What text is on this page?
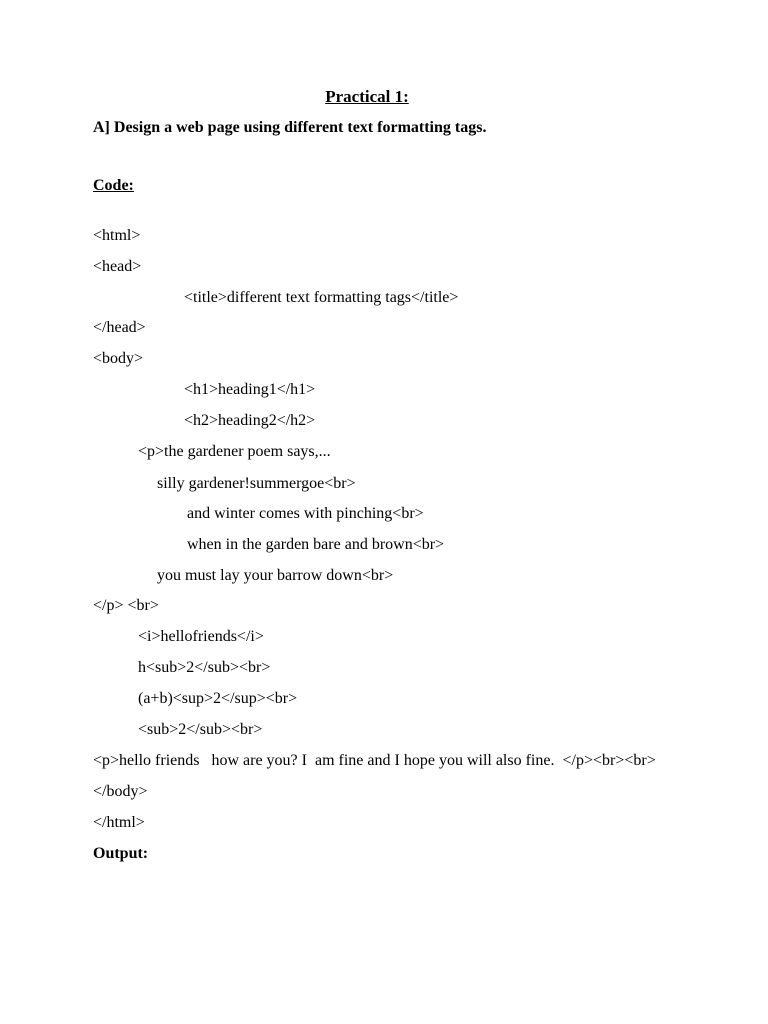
Practical 1:
A] Design a web page using different text formatting tags.
Code:
<html>
<head>
<title>different text formatting tags</title>
</head>
<body>
<h1>heading1</h1>
<h2>heading2</h2>
<p>the gardener poem says,...
silly gardener!summergoe<br>
and winter comes with pinching<br>
when in the garden bare and brown<br>
you must lay your barrow down<br>
</p> <br>
<i>hellofriends</i>
h<sub>2</sub><br>
(a+b)<sup>2</sup><br>
<sub>2</sub><br>
<p>hello friends   how are you? I  am fine and I hope you will also fine.  </p><br><br>
</body>
</html>
Output:
